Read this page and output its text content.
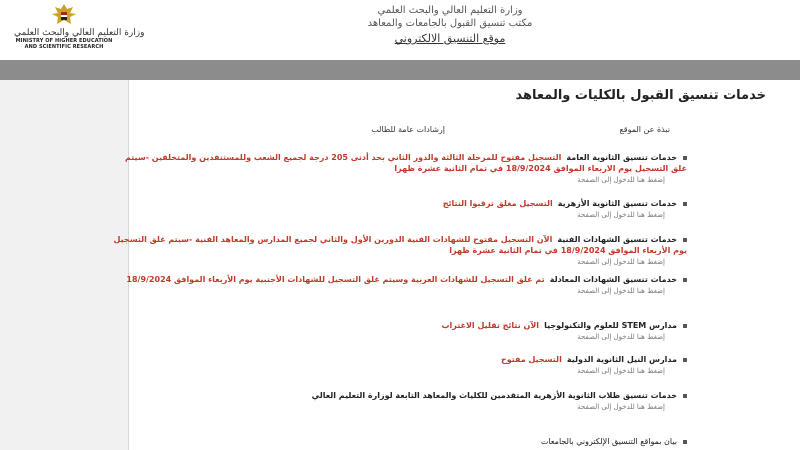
وزارة التعليم العالي والبحث العلمي
MINISTRY OF HIGHER EDUCATION
AND SCIENTIFIC RESEARCH
وزارة التعليم العالي والبحث العلمي
مكتب تنسيق القبول بالجامعات والمعاهد
موقع التنسيق الالكتروني
خدمات تنسيق القبول بالكليات والمعاهد
نبذة عن الموقع
إرشادات عامة للطالب
خدمات تنسيق الثانوية العامة  التسجيل مفتوح للمرحلة الثالثة والدور الثاني بحد أدنى 205 درجة لجميع الشعب وللمستنفدين والمتخلفين -سيتم غلق التسجيل يوم الاربعاء الموافق 18/9/2024 في تمام الثانية عشرة ظهرا
إضغط هنا للدخول إلى الصفحة
خدمات تنسيق الثانوية الأزهرية  التسجيل مغلق ترقبوا النتائج
إضغط هنا للدخول إلى الصفحة
خدمات تنسيق الشهادات الفنية  الآن التسجيل مفتوح للشهادات الفنية الدورين الأول والثاني لجميع المدارس والمعاهد الفنية -سيتم غلق التسجيل يوم الأربعاء الموافق 18/9/2024 في تمام الثانية عشرة ظهرا
إضغط هنا للدخول إلى الصفحة
خدمات تنسيق الشهادات المعادلة  تم غلق التسجيل للشهادات العربية وسيتم غلق التسجيل للشهادات الأجنبية يوم الأربعاء الموافق 18/9/2024
إضغط هنا للدخول إلى الصفحة
مدارس STEM للعلوم والتكنولوجيا  الآن نتائج تقليل الاغتراب
إضغط هنا للدخول إلى الصفحة
مدارس النيل الثانوية الدولية  التسجيل مفتوح
إضغط هنا للدخول إلى الصفحة
خدمات تنسيق طلاب الثانوية الأزهرية المتقدمين للكليات والمعاهد التابعة لوزارة التعليم العالي
إضغط هنا للدخول إلى الصفحة
بيان بمواقع التنسيق الإلكتروني بالجامعات
